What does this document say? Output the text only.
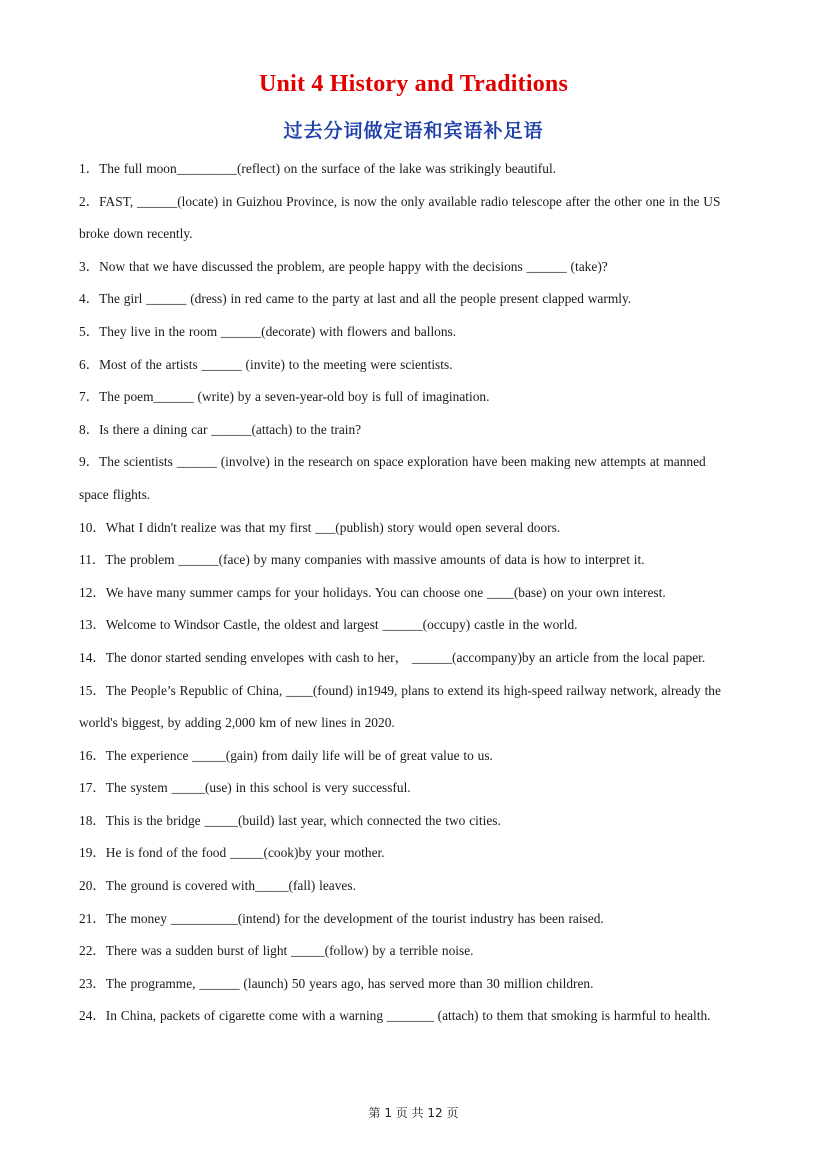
Unit 4 History and Traditions
过去分词做定语和宾语补足语
1．The full moon_________(reflect) on the surface of the lake was strikingly beautiful.
2．FAST, ______(locate) in Guizhou Province, is now the only available radio telescope after the other one in the US broke down recently.
3．Now that we have discussed the problem, are people happy with the decisions ______ (take)?
4．The girl ______ (dress) in red came to the party at last and all the people present clapped warmly.
5．They live in the room ______(decorate) with flowers and ballons.
6．Most of the artists ______ (invite) to the meeting were scientists.
7．The poem______ (write) by a seven-year-old boy is full of imagination.
8．Is there a dining car ______(attach) to the train?
9．The scientists ______ (involve) in the research on space exploration have been making new attempts at manned space flights.
10．What I didn't realize was that my first ___(publish) story would open several doors.
11．The problem ______(face) by many companies with massive amounts of data is how to interpret it.
12．We have many summer camps for your holidays. You can choose one ____(base) on your own interest.
13．Welcome to Windsor Castle, the oldest and largest ______(occupy) castle in the world.
14．The donor started sending envelopes with cash to her， ______(accompany)by an article from the local paper.
15．The People’s Republic of China, ____(found) in1949, plans to extend its high-speed railway network, already the world's biggest, by adding 2,000 km of new lines in 2020.
16．The experience _____(gain) from daily life will be of great value to us.
17．The system _____(use) in this school is very successful.
18．This is the bridge _____(build) last year, which connected the two cities.
19．He is fond of the food _____(cook)by your mother.
20．The ground is covered with_____(fall) leaves.
21．The money __________(intend) for the development of the tourist industry has been raised.
22．There was a sudden burst of light _____(follow) by a terrible noise.
23．The programme, ______ (launch) 50 years ago, has served more than 30 million children.
24．In China, packets of cigarette come with a warning _______ (attach) to them that smoking is harmful to health.
第 1 页 共 12 页
